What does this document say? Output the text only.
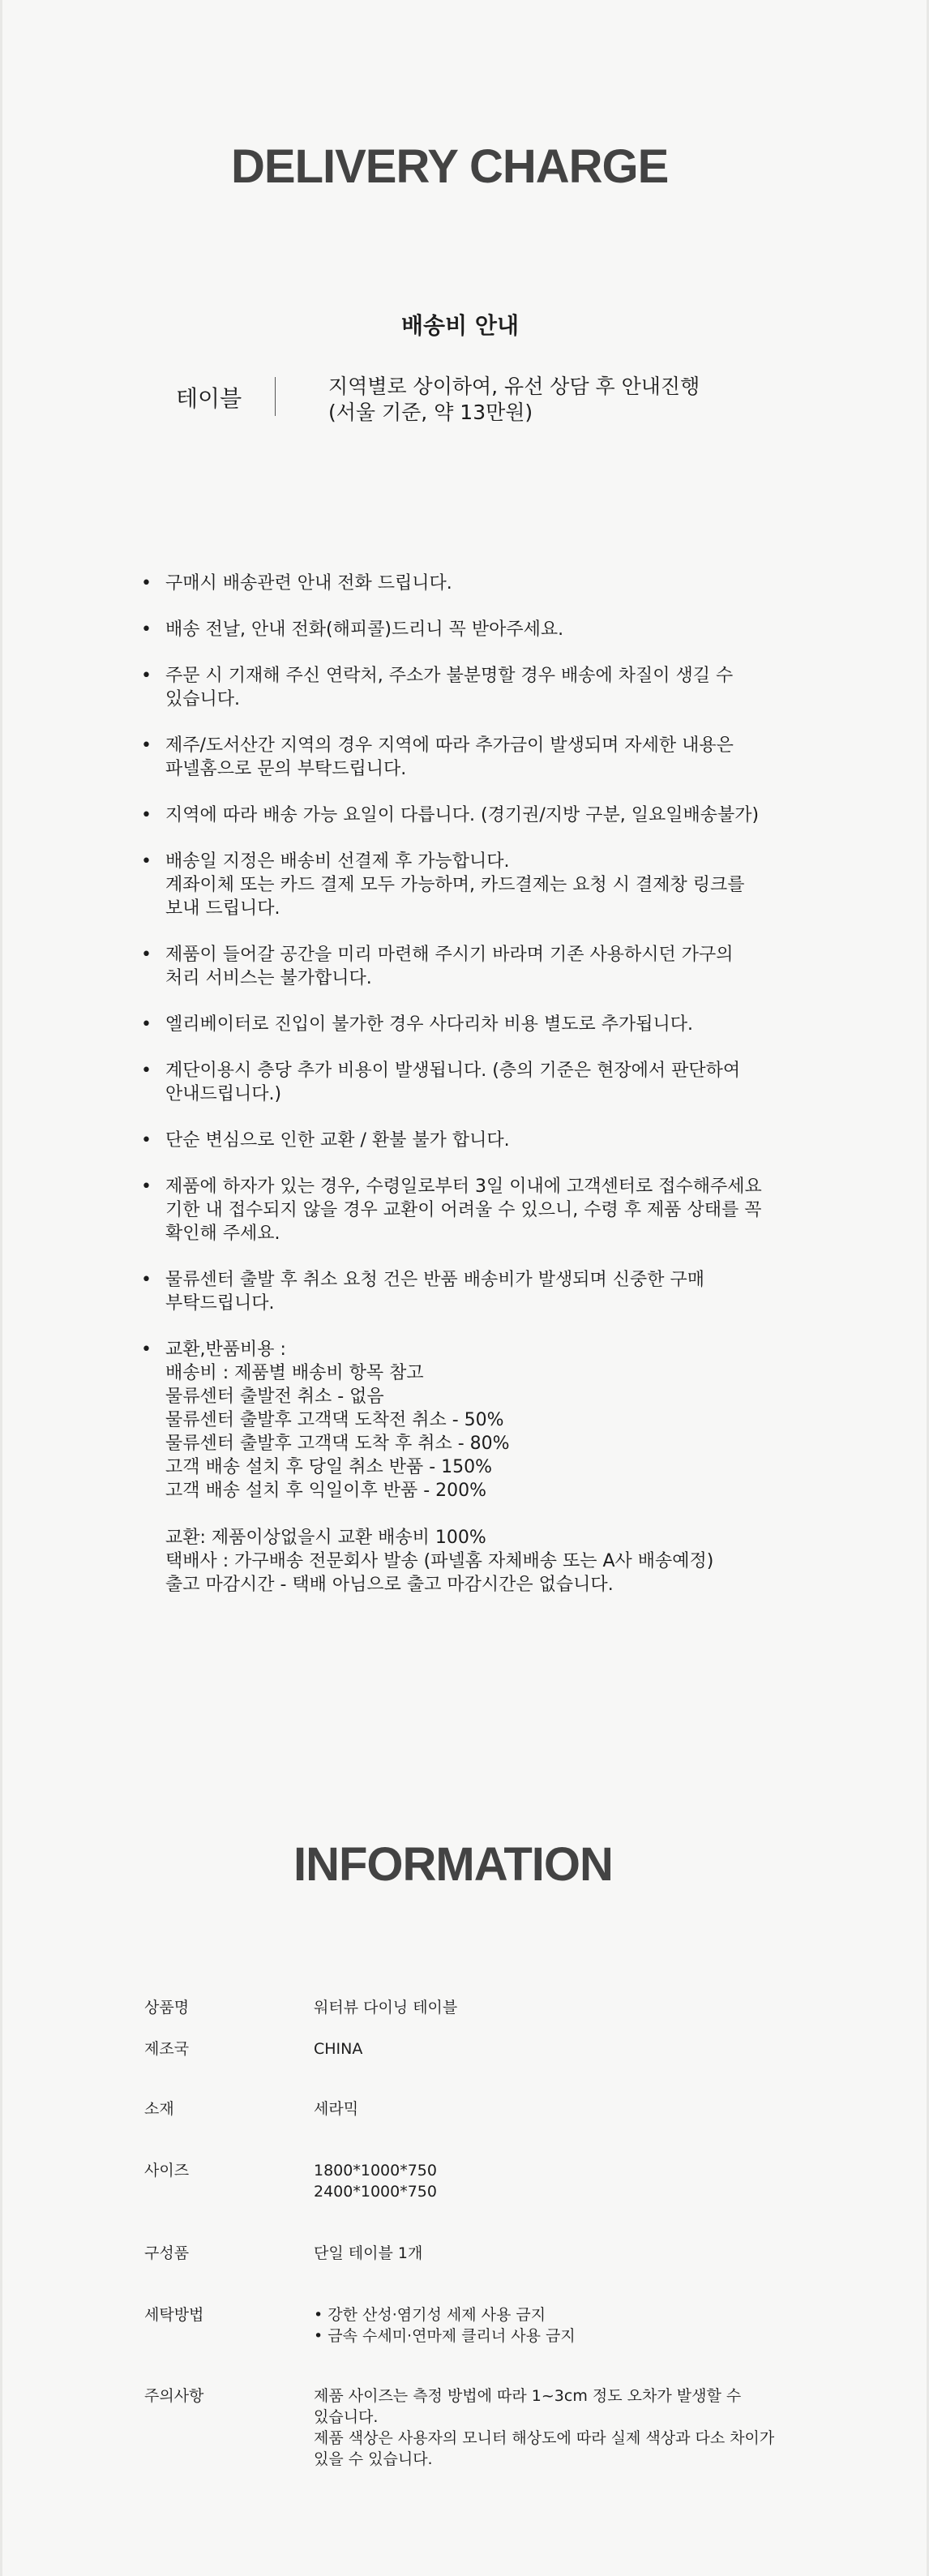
DELIVERY CHARGE
배송비 안내
테이블	지역별로 상이하여, 유선 상담 후 안내진행
(서울 기준, 약 13만원)
• 구매시 배송관련 안내 전화 드립니다.
• 배송 전날, 안내 전화(해피콜)드리니 꼭 받아주세요.
• 주문 시 기재해 주신 연락처, 주소가 불분명할 경우 배송에 차질이 생길 수
있습니다.
• 제주/도서산간 지역의 경우 지역에 따라 추가금이 발생되며 자세한 내용은
파넬홈으로 문의 부탁드립니다.
• 지역에 따라 배송 가능 요일이 다릅니다. (경기권/지방 구분, 일요일배송불가)
• 배송일 지정은 배송비 선결제 후 가능합니다.
계좌이체 또는 카드 결제 모두 가능하며, 카드결제는 요청 시 결제창 링크를
보내 드립니다.
• 제품이 들어갈 공간을 미리 마련해 주시기 바라며 기존 사용하시던 가구의
처리 서비스는 불가합니다.
• 엘리베이터로 진입이 불가한 경우 사다리차 비용 별도로 추가됩니다.
• 계단이용시 층당 추가 비용이 발생됩니다. (층의 기준은 현장에서 판단하여
안내드립니다.)
• 단순 변심으로 인한 교환 / 환불 불가 합니다.
• 제품에 하자가 있는 경우, 수령일로부터 3일 이내에 고객센터로 접수해주세요
기한 내 접수되지 않을 경우 교환이 어려울 수 있으니, 수령 후 제품 상태를 꼭
확인해 주세요.
• 물류센터 출발 후 취소 요청 건은 반품 배송비가 발생되며 신중한 구매
부탁드립니다.
• 교환,반품비용 :
배송비 : 제품별 배송비 항목 참고
물류센터 출발전 취소 - 없음
물류센터 출발후 고객댁 도착전 취소 - 50%
물류센터 출발후 고객댁 도착 후 취소 - 80%
고객 배송 설치 후 당일 취소 반품 - 150%
고객 배송 설치 후 익일이후 반품 - 200%
교환: 제품이상없을시 교환 배송비 100%
택배사 : 가구배송 전문회사 발송 (파넬홈 자체배송 또는 A사 배송예정)
출고 마감시간 - 택배 아님으로 출고 마감시간은 없습니다.
INFORMATION
상품명	워터뷰 다이닝 테이블
제조국	CHINA
소재	세라믹
사이즈	1800*1000*750
2400*1000*750
구성품	단일 테이블 1개
세탁방법	• 강한 산성·염기성 세제 사용 금지
• 금속 수세미·연마제 클리너 사용 금지
주의사항	제품 사이즈는 측정 방법에 따라 1~3cm 정도 오차가 발생할 수
있습니다.
제품 색상은 사용자의 모니터 해상도에 따라 실제 색상과 다소 차이가
있을 수 있습니다.
